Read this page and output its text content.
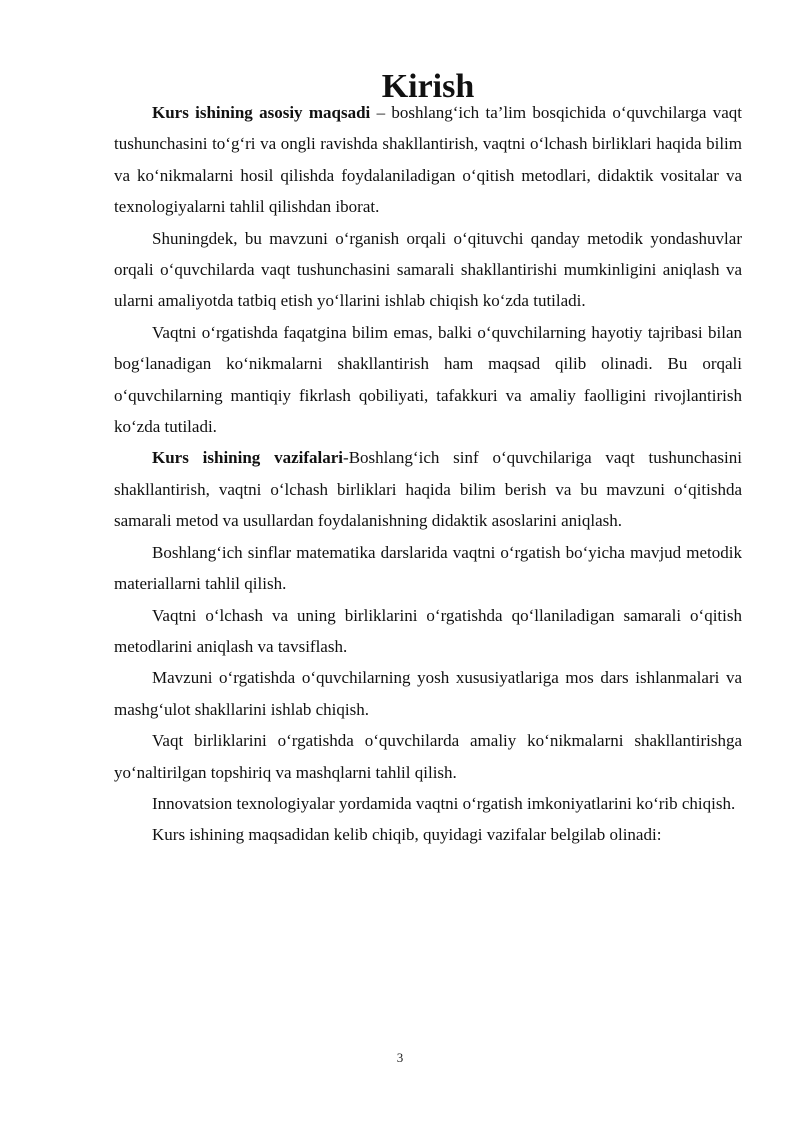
Kirish

Kurs ishining asosiy maqsadi – boshlang‘ich ta’lim bosqichida o‘quvchilarga vaqt tushunchasini to‘g‘ri va ongli ravishda shakllantirish, vaqtni o‘lchash birliklari haqida bilim va ko‘nikmalarni hosil qilishda foydalaniladigan o‘qitish metodlari, didaktik vositalar va texnologiyalarni tahlil qilishdan iborat.

Shuningdek, bu mavzuni o‘rganish orqali o‘qituvchi qanday metodik yondashuvlar orqali o‘quvchilarda vaqt tushunchasini samarali shakllantirishi mumkinligini aniqlash va ularni amaliyotda tatbiq etish yo‘llarini ishlab chiqish ko‘zda tutiladi.

Vaqtni o‘rgatishda faqatgina bilim emas, balki o‘quvchilarning hayotiy tajribasi bilan bog‘lanadigan ko‘nikmalarni shakllantirish ham maqsad qilib olinadi. Bu orqali o‘quvchilarning mantiqiy fikrlash qobiliyati, tafakkuri va amaliy faolligini rivojlantirish ko‘zda tutiladi.

Kurs ishining vazifalari-Boshlang‘ich sinf o‘quvchilariga vaqt tushunchasini shakllantirish, vaqtni o‘lchash birliklari haqida bilim berish va bu mavzuni o‘qitishda samarali metod va usullardan foydalanishning didaktik asoslarini aniqlash.

Boshlang‘ich sinflar matematika darslarida vaqtni o‘rgatish bo‘yicha mavjud metodik materiallarni tahlil qilish.

Vaqtni o‘lchash va uning birliklarini o‘rgatishda qo‘llaniladigan samarali o‘qitish metodlarini aniqlash va tavsiflash.

Mavzuni o‘rgatishda o‘quvchilarning yosh xususiyatlariga mos dars ishlanmalari va mashg‘ulot shakllarini ishlab chiqish.

Vaqt birliklarini o‘rgatishda o‘quvchilarda amaliy ko‘nikmalarni shakllantirishga yo‘naltirilgan topshiriq va mashqlarni tahlil qilish.

Innovatsion texnologiyalar yordamida vaqtni o‘rgatish imkoniyatlarini ko‘rib chiqish.

Kurs ishining maqsadidan kelib chiqib, quyidagi vazifalar belgilab olinadi:

3
